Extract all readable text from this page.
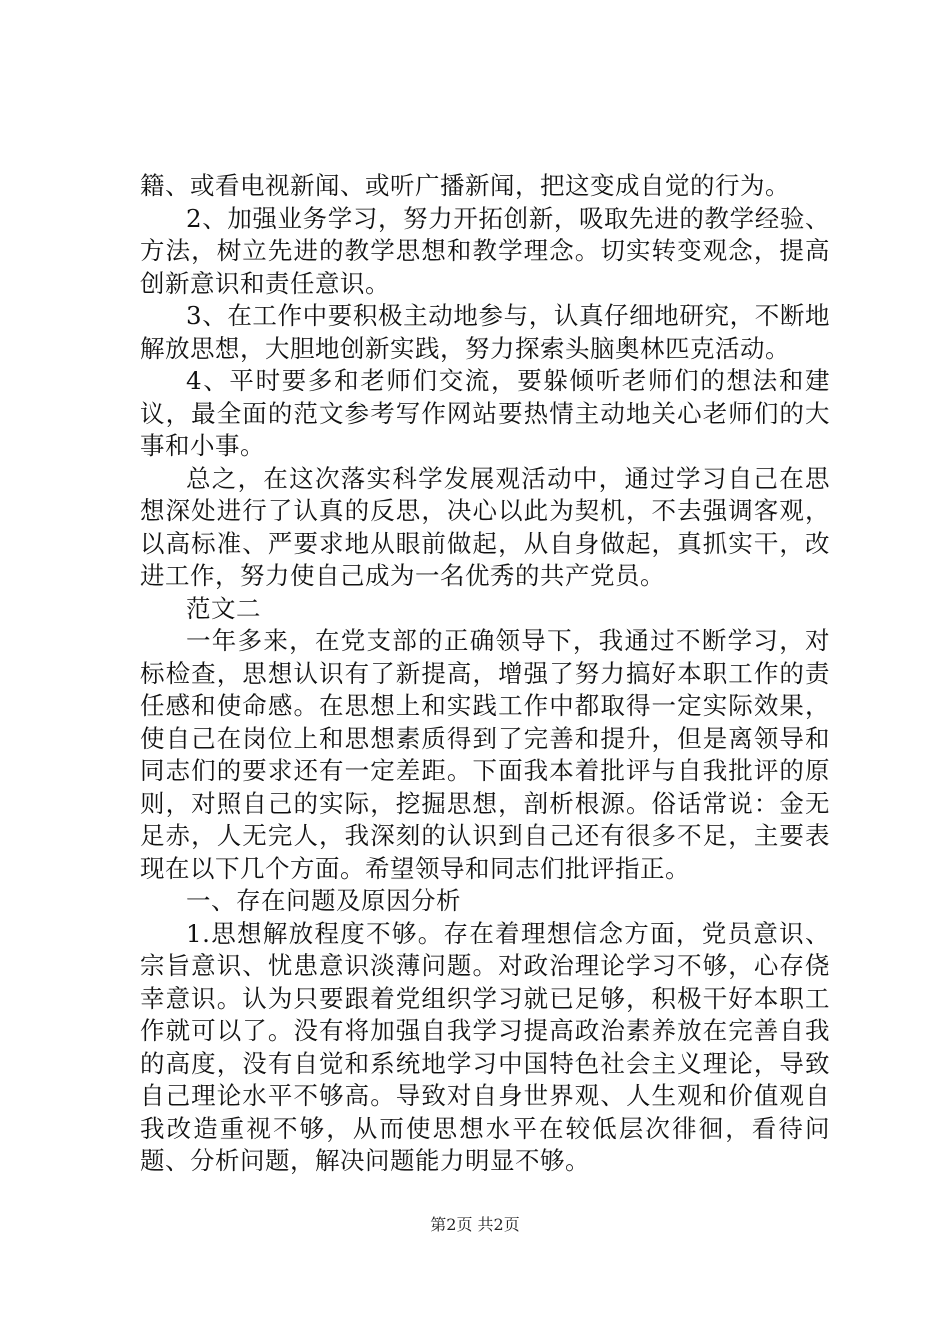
籍、或看电视新闻、或听广播新闻，把这变成自觉的行为。

2、加强业务学习，努力开拓创新，吸取先进的教学经验、方法，树立先进的教学思想和教学理念。切实转变观念，提高创新意识和责任意识。

3、在工作中要积极主动地参与，认真仔细地研究，不断地解放思想，大胆地创新实践，努力探索头脑奥林匹克活动。

4、平时要多和老师们交流，要躲倾听老师们的想法和建议，最全面的范文参考写作网站要热情主动地关心老师们的大事和小事。

总之，在这次落实科学发展观活动中，通过学习自己在思想深处进行了认真的反思，决心以此为契机，不去强调客观，以高标准、严要求地从眼前做起，从自身做起，真抓实干，改进工作，努力使自己成为一名优秀的共产党员。

范文二

一年多来，在党支部的正确领导下，我通过不断学习，对标检查，思想认识有了新提高，增强了努力搞好本职工作的责任感和使命感。在思想上和实践工作中都取得一定实际效果，使自己在岗位上和思想素质得到了完善和提升，但是离领导和同志们的要求还有一定差距。下面我本着批评与自我批评的原则，对照自己的实际，挖掘思想，剖析根源。俗话常说：金无足赤，人无完人，我深刻的认识到自己还有很多不足，主要表现在以下几个方面。希望领导和同志们批评指正。

一、存在问题及原因分析

1.思想解放程度不够。存在着理想信念方面，党员意识、宗旨意识、忧患意识淡薄问题。对政治理论学习不够，心存侥幸意识。认为只要跟着党组织学习就已足够，积极干好本职工作就可以了。没有将加强自我学习提高政治素养放在完善自我的高度，没有自觉和系统地学习中国特色社会主义理论，导致自己理论水平不够高。导致对自身世界观、人生观和价值观自我改造重视不够，从而使思想水平在较低层次徘徊，看待问题、分析问题，解决问题能力明显不够。

第2页 共2页
